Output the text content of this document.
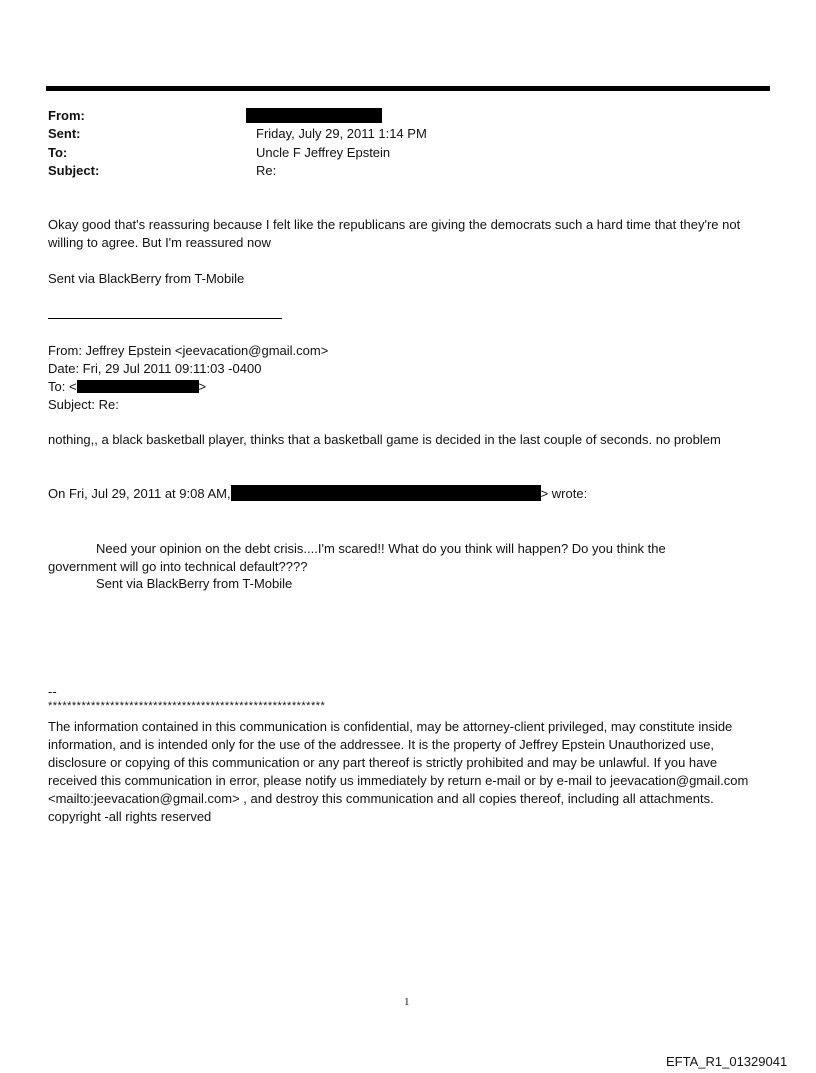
From:
Sent:	Friday, July 29, 2011 1:14 PM
To:	Uncle F Jeffrey Epstein
Subject:	Re:
Okay good that's reassuring because I felt like the republicans are giving the democrats such a hard time that they're not willing to agree. But I'm reassured now
Sent via BlackBerry from T-Mobile
From: Jeffrey Epstein <jeevacation@gmail.com>
Date: Fri, 29 Jul 2011 09:11:03 -0400
To: <	>
Subject: Re:
nothing,, a black basketball player, thinks that a basketball game is decided in the last couple of seconds. no problem
On Fri, Jul 29, 2011 at 9:08 AM,	> wrote:
Need your opinion on the debt crisis....I'm scared!! What do you think will happen? Do you think the government will go into technical default????
Sent via BlackBerry from T-Mobile
--
**********************************************************
The information contained in this communication is confidential, may be attorney-client privileged, may constitute inside information, and is intended only for the use of the addressee. It is the property of Jeffrey Epstein Unauthorized use, disclosure or copying of this communication or any part thereof is strictly prohibited and may be unlawful. If you have received this communication in error, please notify us immediately by return e-mail or by e-mail to jeevacation@gmail.com <mailto:jeevacation@gmail.com> , and destroy this communication and all copies thereof, including all attachments. copyright -all rights reserved
1
EFTA_R1_01329041
